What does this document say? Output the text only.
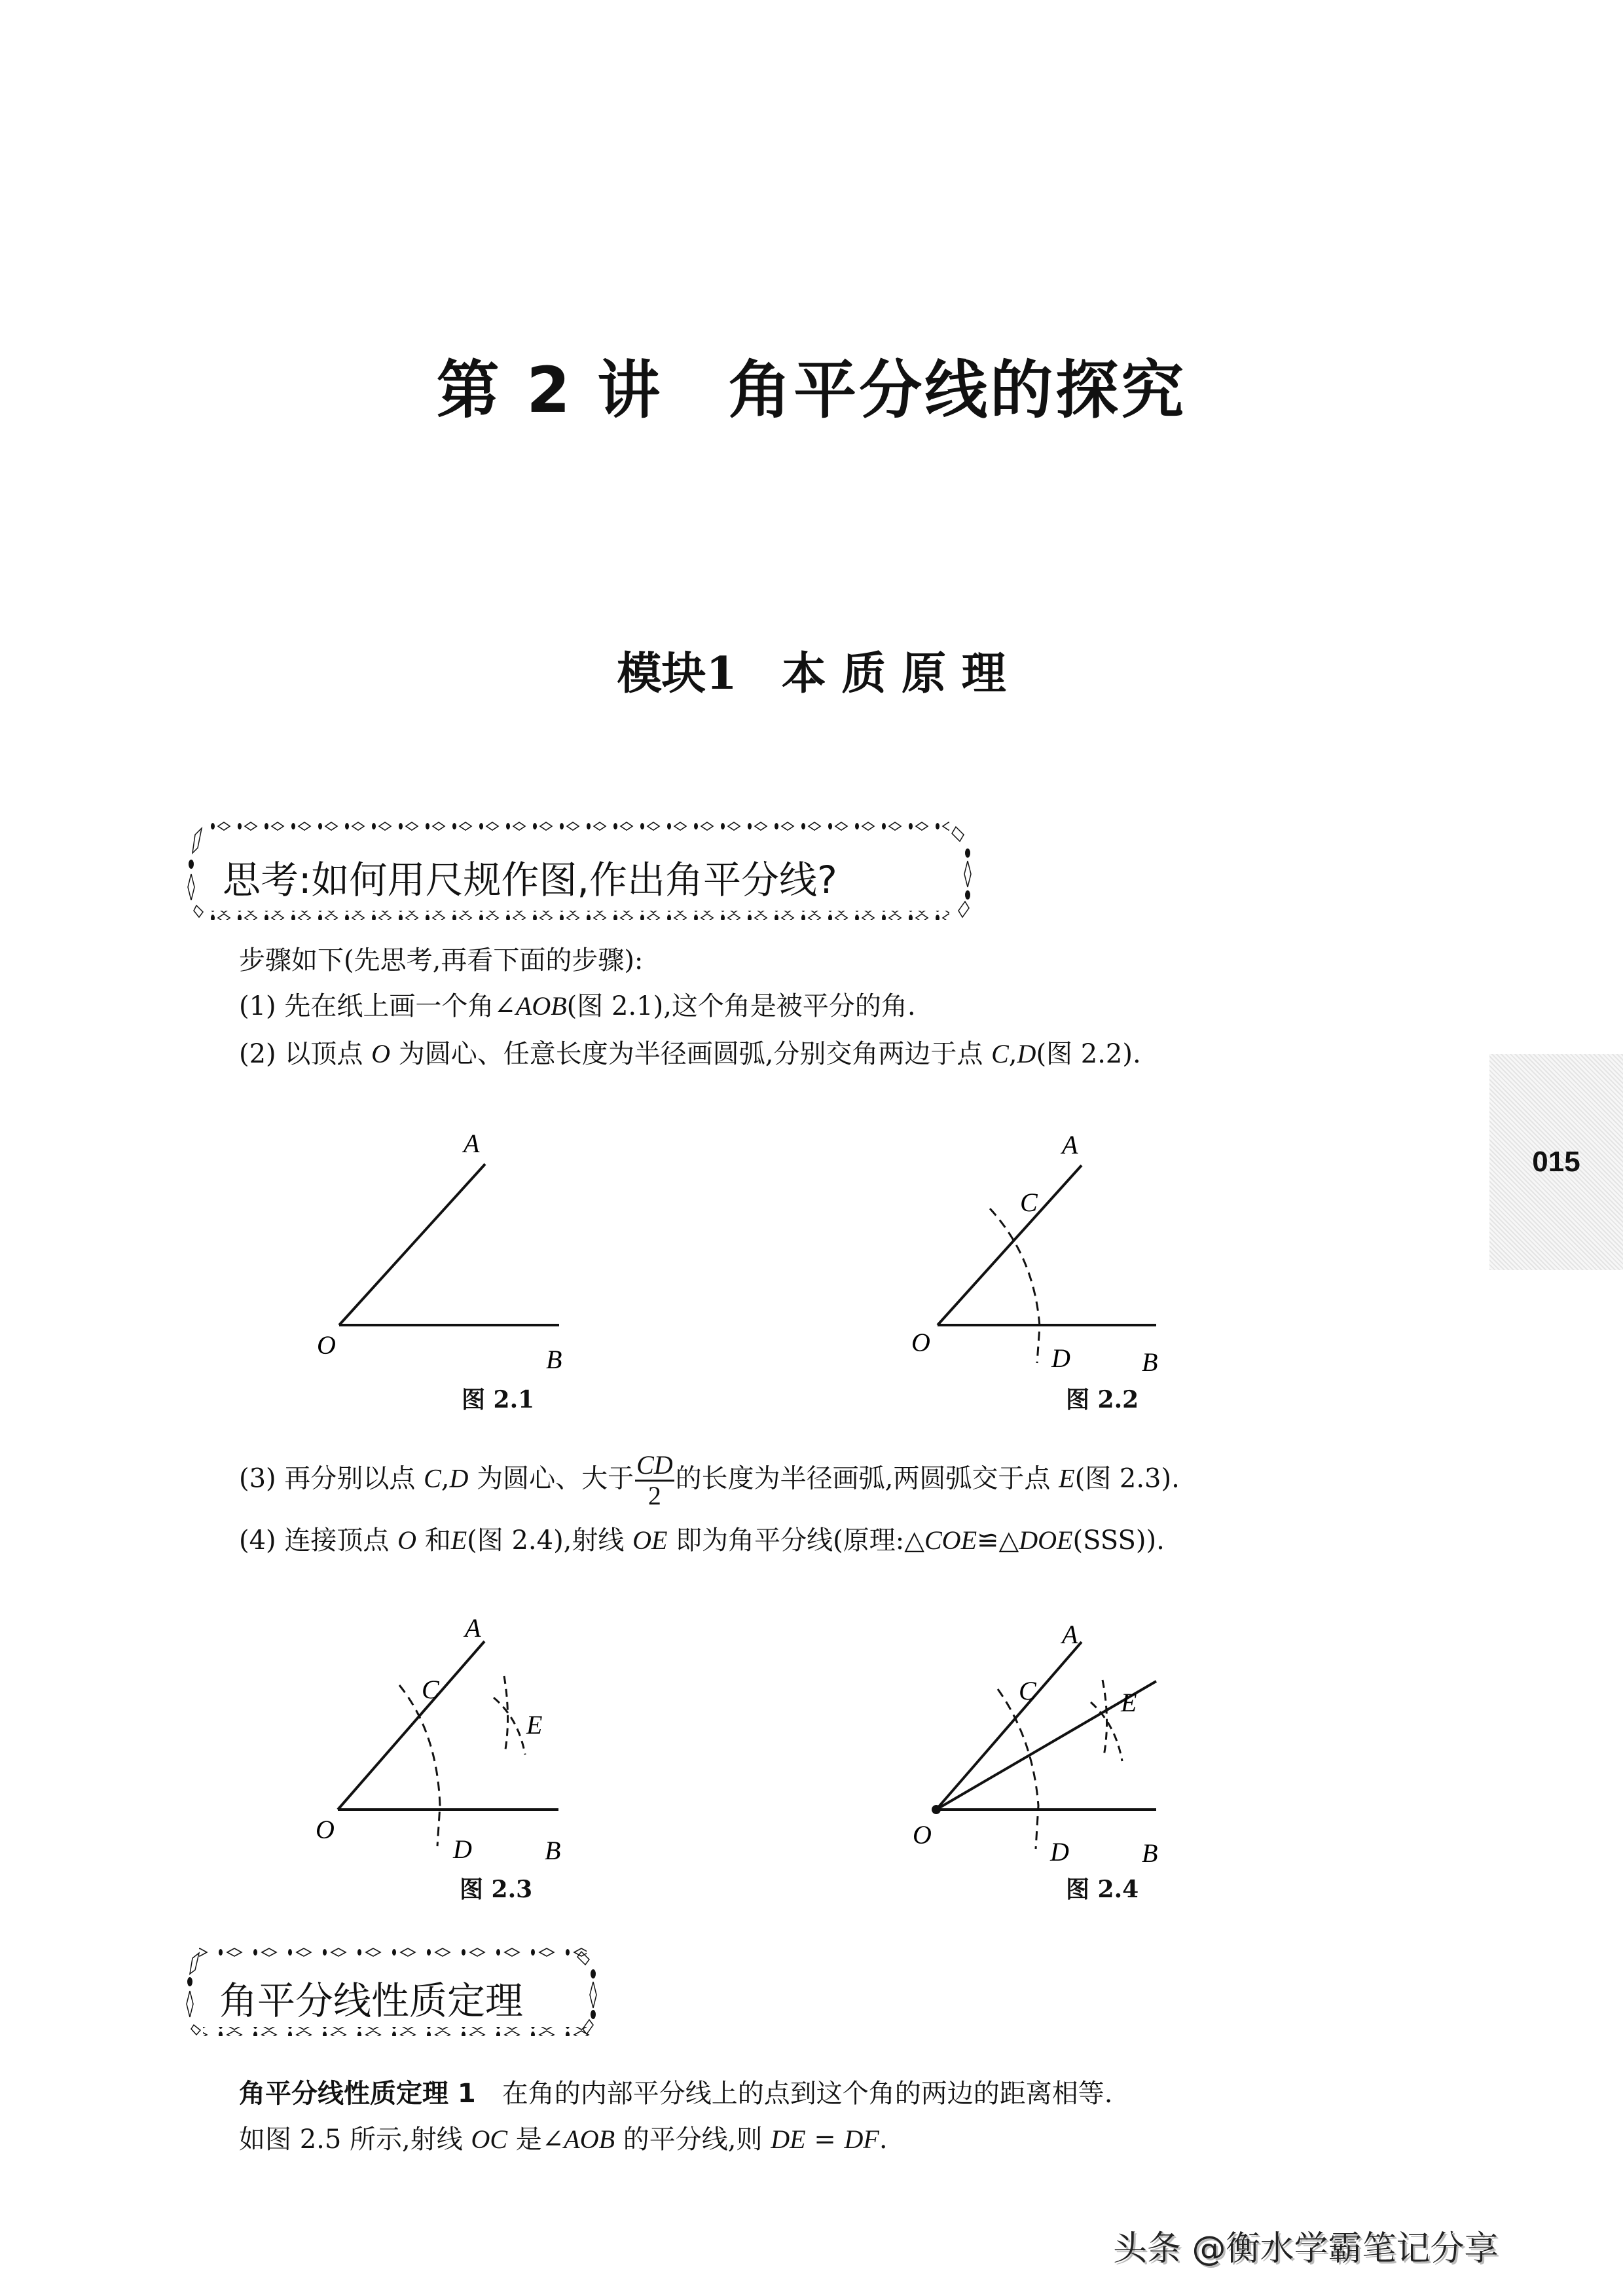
第 2 讲　角平分线的探究
模块1　本 质 原 理
思考:如何用尺规作图,作出角平分线?
步骤如下(先思考,再看下面的步骤):
(1) 先在纸上画一个角∠AOB(图 2.1),这个角是被平分的角.
(2) 以顶点 O 为圆心、任意长度为半径画圆弧,分别交角两边于点 C,D(图 2.2).
A
O	B
图 2.1
A
C
O
D	B
图 2.2
(3) 再分别以点 C,D 为圆心、大于 $\frac{CD}{2}$ 的长度为半径画弧,两圆弧交于点 E(图 2.3).
(4) 连接顶点 O 和E(图 2.4),射线 OE 即为角平分线(原理:△COE≌△DOE(SSS)).
A
C
E
O
D	B
图 2.3
A
C	E
O
D	B
图 2.4
角平分线性质定理
角平分线性质定理 1 在角的内部平分线上的点到这个角的两边的距离相等.
如图 2.5 所示,射线 OC 是∠AOB 的平分线,则 DE = DF.
015
头条 @衡水学霸笔记分享
